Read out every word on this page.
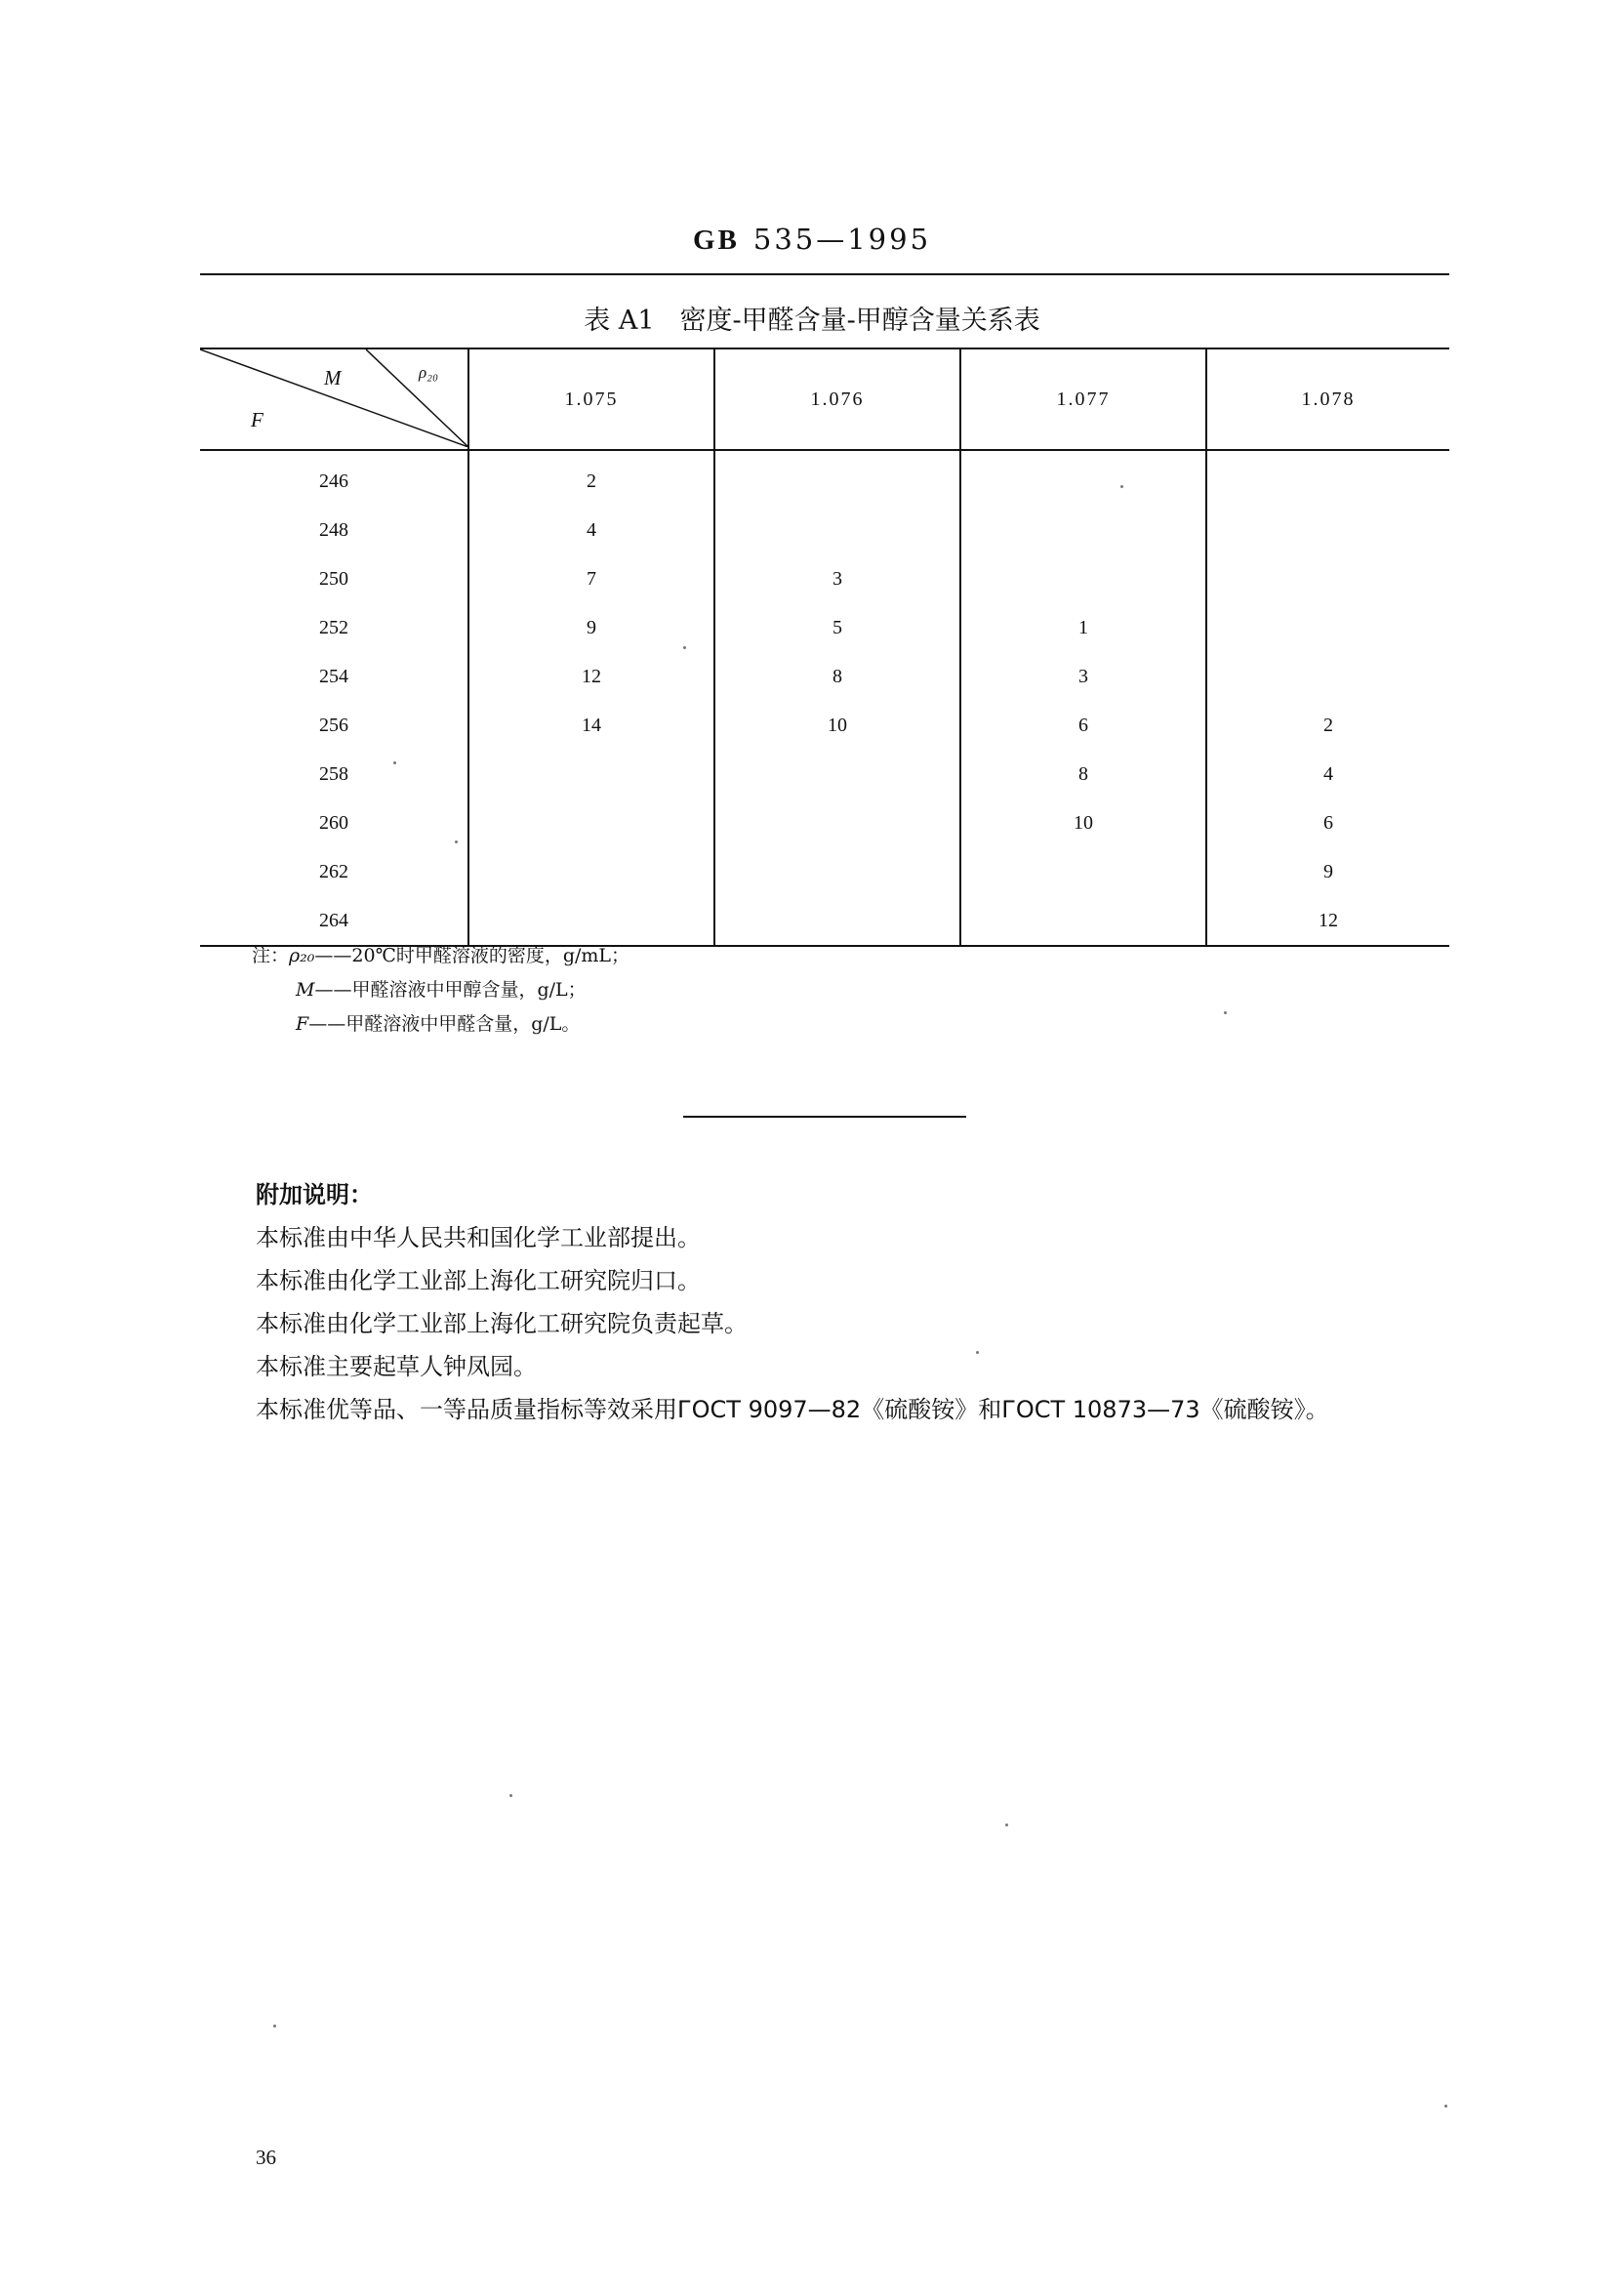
GB 535—1995
表 A1 密度-甲醛含量-甲醇含量关系表
M ρ₂₀
F	1.075	1.076	1.077	1.078
246	2			
248	4			
250	7	3		
252	9	5	1	
254	12	8	3	
256	14	10	6	2
258			8	4
260			10	6
262				9
264				12
注：ρ₂₀——20℃时甲醛溶液的密度，g/mL；
M——甲醛溶液中甲醇含量，g/L；
F——甲醛溶液中甲醛含量，g/L。
附加说明：
本标准由中华人民共和国化学工业部提出。
本标准由化学工业部上海化工研究院归口。
本标准由化学工业部上海化工研究院负责起草。
本标准主要起草人钟凤园。
本标准优等品、一等品质量指标等效采用ГОСТ 9097—82《硫酸铵》和ГОСТ 10873—73《硫酸铵》。
36
